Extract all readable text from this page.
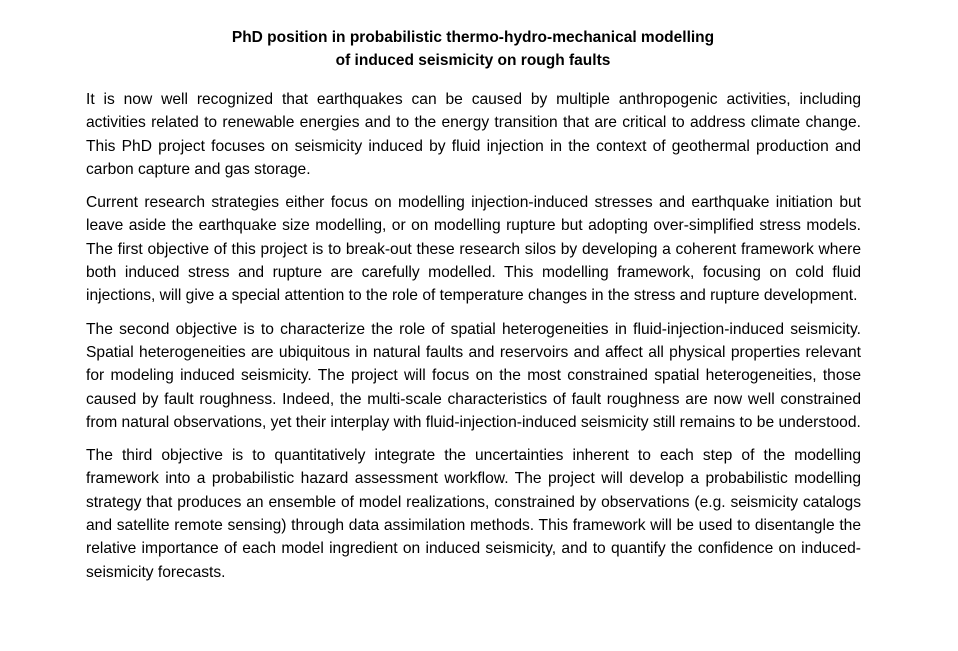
PhD position in probabilistic thermo-hydro-mechanical modelling
of induced seismicity on rough faults

It is now well recognized that earthquakes can be caused by multiple anthropogenic activities, including activities related to renewable energies and to the energy transition that are critical to address climate change. This PhD project focuses on seismicity induced by fluid injection in the context of geothermal production and carbon capture and gas storage.

Current research strategies either focus on modelling injection-induced stresses and earthquake initiation but leave aside the earthquake size modelling, or on modelling rupture but adopting over-simplified stress models. The first objective of this project is to break-out these research silos by developing a coherent framework where both induced stress and rupture are carefully modelled. This modelling framework, focusing on cold fluid injections, will give a special attention to the role of temperature changes in the stress and rupture development.

The second objective is to characterize the role of spatial heterogeneities in fluid-injection-induced seismicity. Spatial heterogeneities are ubiquitous in natural faults and reservoirs and affect all physical properties relevant for modeling induced seismicity. The project will focus on the most constrained spatial heterogeneities, those caused by fault roughness. Indeed, the multi-scale characteristics of fault roughness are now well constrained from natural observations, yet their interplay with fluid-injection-induced seismicity still remains to be understood.

The third objective is to quantitatively integrate the uncertainties inherent to each step of the modelling framework into a probabilistic hazard assessment workflow. The project will develop a probabilistic modelling strategy that produces an ensemble of model realizations, constrained by observations (e.g. seismicity catalogs and satellite remote sensing) through data assimilation methods. This framework will be used to disentangle the relative importance of each model ingredient on induced seismicity, and to quantify the confidence on induced-seismicity forecasts.
